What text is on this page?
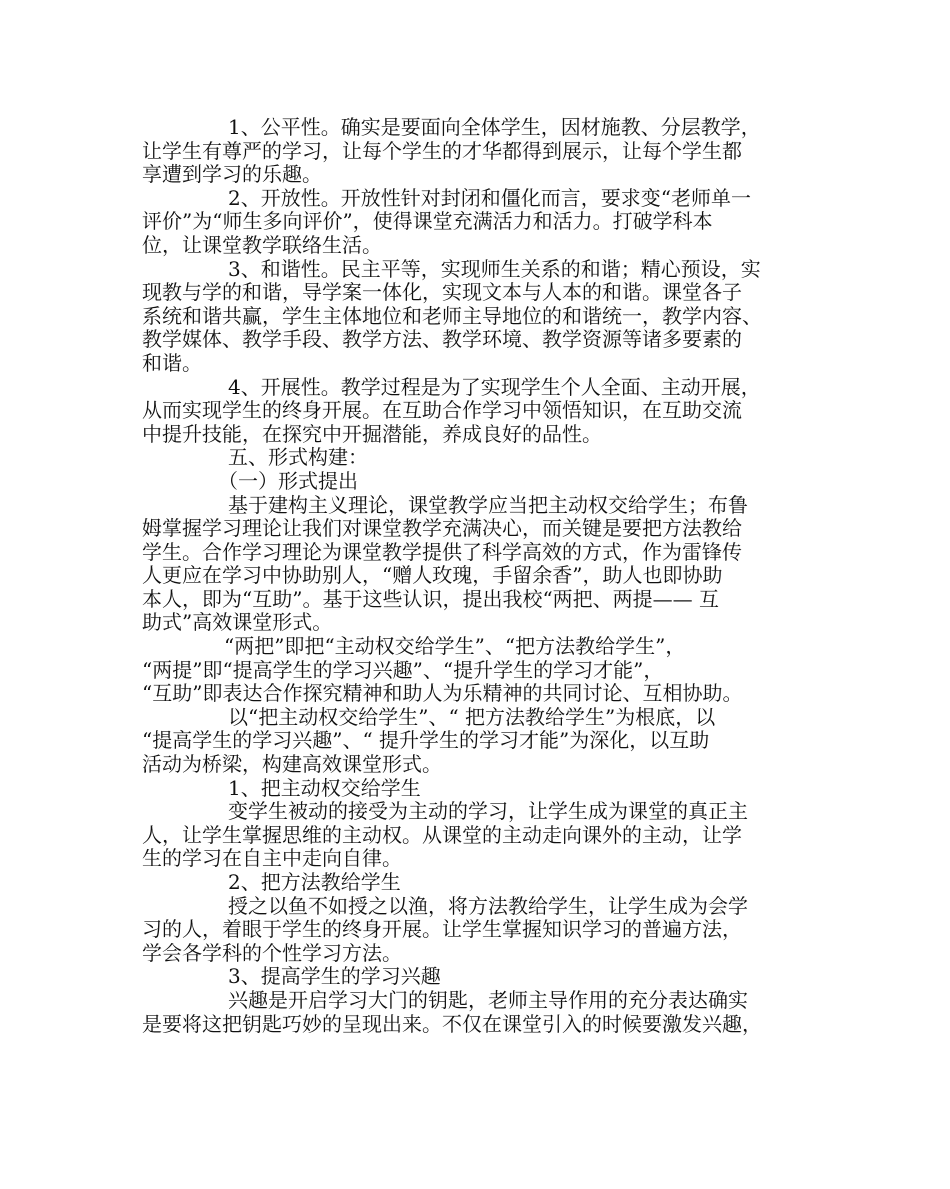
1、公平性。确实是要面向全体学生，因材施教、分层教学，
让学生有尊严的学习，让每个学生的才华都得到展示，让每个学生都
享遭到学习的乐趣。
2、开放性。开放性针对封闭和僵化而言，要求变“老师单一
评价”为“师生多向评价”，使得课堂充满活力和活力。打破学科本
位，让课堂教学联络生活。
3、和谐性。民主平等，实现师生关系的和谐；精心预设，实
现教与学的和谐，导学案一体化，实现文本与人本的和谐。课堂各子
系统和谐共赢，学生主体地位和老师主导地位的和谐统一，教学内容、
教学媒体、教学手段、教学方法、教学环境、教学资源等诸多要素的
和谐。
4、开展性。教学过程是为了实现学生个人全面、主动开展，
从而实现学生的终身开展。在互助合作学习中领悟知识，在互助交流
中提升技能，在探究中开掘潜能，养成良好的品性。
五、形式构建：
（一）形式提出
基于建构主义理论，课堂教学应当把主动权交给学生；布鲁
姆掌握学习理论让我们对课堂教学充满决心，而关键是要把方法教给
学生。合作学习理论为课堂教学提供了科学高效的方式，作为雷锋传
人更应在学习中协助别人，“赠人玫瑰，手留余香”，助人也即协助
本人，即为“互助”。基于这些认识，提出我校“两把、两提—— 互
助式”高效课堂形式。
“两把”即把“主动权交给学生”、“把方法教给学生”，
“两提”即“提高学生的学习兴趣”、“提升学生的学习才能”，
“互助”即表达合作探究精神和助人为乐精神的共同讨论、互相协助。
以“把主动权交给学生”、“ 把方法教给学生”为根底，以
“提高学生的学习兴趣”、“ 提升学生的学习才能”为深化，以互助
活动为桥梁，构建高效课堂形式。
1、把主动权交给学生
变学生被动的接受为主动的学习，让学生成为课堂的真正主
人，让学生掌握思维的主动权。从课堂的主动走向课外的主动，让学
生的学习在自主中走向自律。
2、把方法教给学生
授之以鱼不如授之以渔，将方法教给学生，让学生成为会学
习的人，着眼于学生的终身开展。让学生掌握知识学习的普遍方法，
学会各学科的个性学习方法。
3、提高学生的学习兴趣
兴趣是开启学习大门的钥匙，老师主导作用的充分表达确实
是要将这把钥匙巧妙的呈现出来。不仅在课堂引入的时候要激发兴趣，
